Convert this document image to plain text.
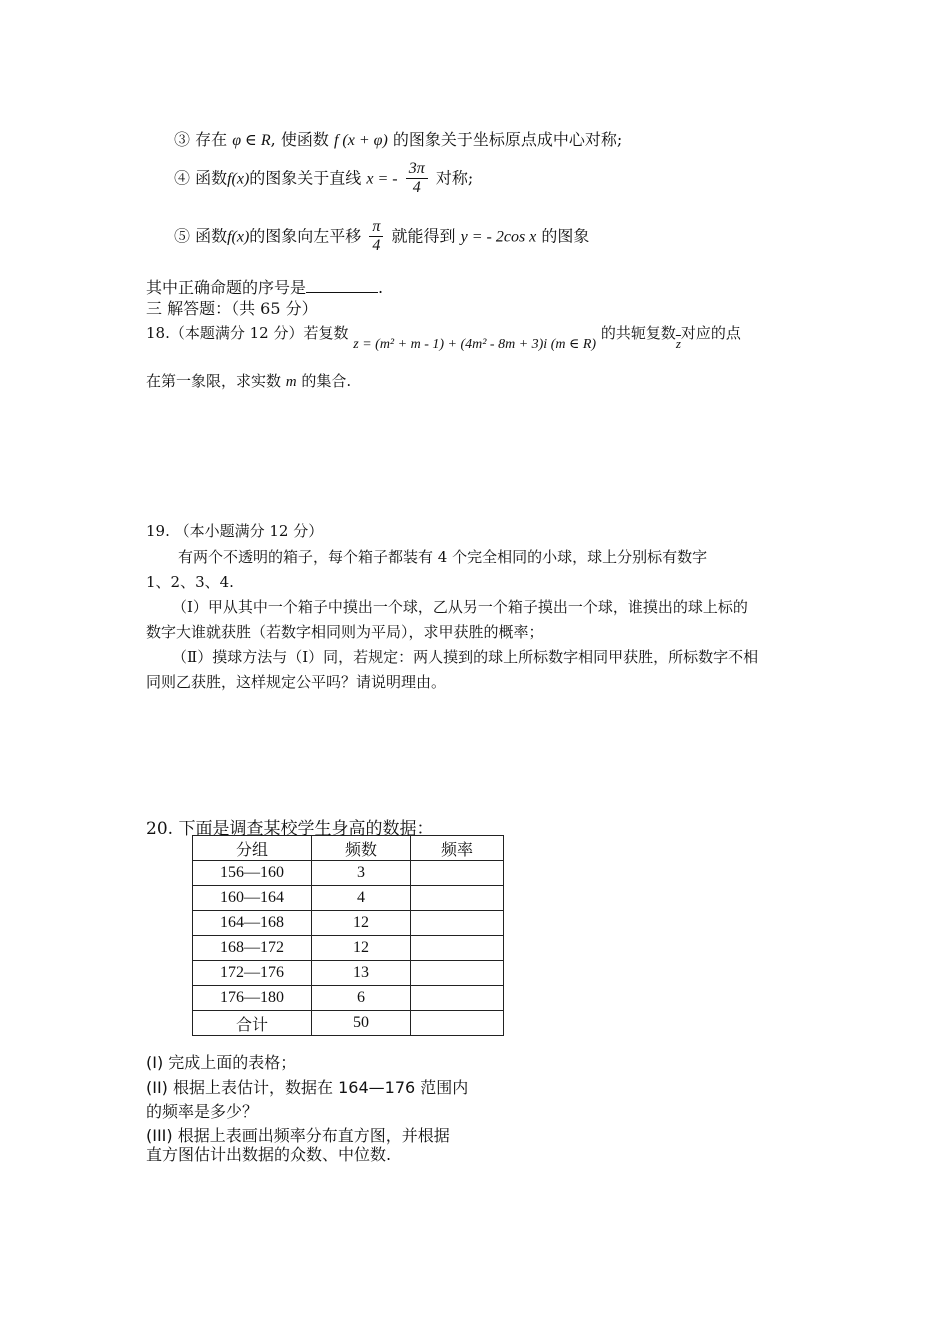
③ 存在 φ ∈ R, 使函数 f (x + φ) 的图象关于坐标原点成中心对称;
④ 函数f(x)的图象关于直线 x = - $\frac{3\pi}{4}$ 对称;
⑤ 函数f(x)的图象向左平移 $\frac{\pi}{4}$ 就能得到 y = - 2cos x 的图象
其中正确命题的序号是	.
三 解答题：（共 65 分）
18.（本题满分 12 分）若复数 z = (m² + m - 1) + (4m² - 8m + 3)i (m ∈ R) 的共轭复数$\overline{z}$对应的点
在第一象限，求实数 m 的集合.
19. （本小题满分 12 分）
有两个不透明的箱子，每个箱子都装有 4 个完全相同的小球，球上分别标有数字
1、2、3、4.
（Ⅰ）甲从其中一个箱子中摸出一个球，乙从另一个箱子摸出一个球，谁摸出的球上标的
数字大谁就获胜（若数字相同则为平局），求甲获胜的概率；
（Ⅱ）摸球方法与（Ⅰ）同，若规定：两人摸到的球上所标数字相同甲获胜，所标数字不相
同则乙获胜，这样规定公平吗？请说明理由。
20. 下面是调查某校学生身高的数据：
分组	频数	频率
156—160	3	
160—164	4	
164—168	12	
168—172	12	
172—176	13	
176—180	6	
合计	50	
(I) 完成上面的表格；
(II) 根据上表估计，数据在 164—176 范围内
的频率是多少？
(III) 根据上表画出频率分布直方图，并根据
直方图估计出数据的众数、中位数.
